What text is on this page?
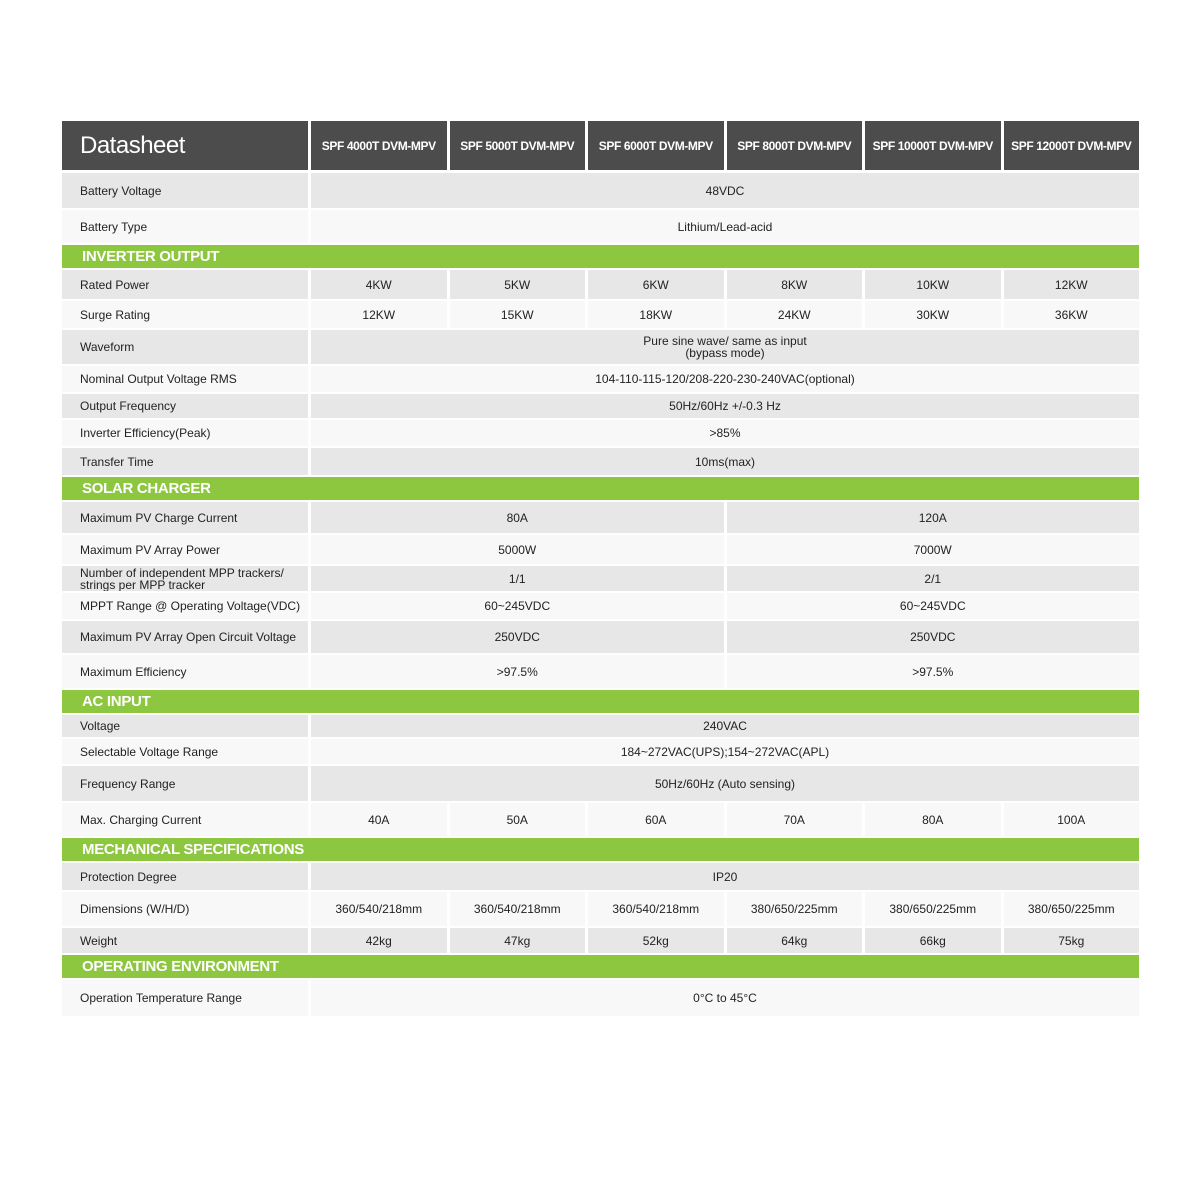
Datasheet	SPF 4000T DVM-MPV	SPF 5000T DVM-MPV	SPF 6000T DVM-MPV	SPF 8000T DVM-MPV	SPF 10000T DVM-MPV	SPF 12000T DVM-MPV
Battery Voltage	48VDC
Battery Type	Lithium/Lead-acid
INVERTER OUTPUT
Rated Power	4KW	5KW	6KW	8KW	10KW	12KW
Surge Rating	12KW	15KW	18KW	24KW	30KW	36KW
Waveform	Pure sine wave/ same as input
(bypass mode)
Nominal Output Voltage RMS	104-110-115-120/208-220-230-240VAC(optional)
Output Frequency	50Hz/60Hz +/-0.3 Hz
Inverter Efficiency(Peak)	>85%
Transfer Time	10ms(max)
SOLAR CHARGER
Maximum PV Charge Current	80A	120A
Maximum PV Array Power	5000W	7000W
Number of independent MPP trackers/
strings per MPP tracker	1/1	2/1
MPPT Range @ Operating Voltage(VDC)	60~245VDC	60~245VDC
Maximum PV Array Open Circuit Voltage	250VDC	250VDC
Maximum Efficiency	>97.5%	>97.5%
AC INPUT
Voltage	240VAC
Selectable Voltage Range	184~272VAC(UPS);154~272VAC(APL)
Frequency Range	50Hz/60Hz (Auto sensing)
Max. Charging Current	40A	50A	60A	70A	80A	100A
MECHANICAL SPECIFICATIONS
Protection Degree	IP20
Dimensions (W/H/D)	360/540/218mm	360/540/218mm	360/540/218mm	380/650/225mm	380/650/225mm	380/650/225mm
Weight	42kg	47kg	52kg	64kg	66kg	75kg
OPERATING ENVIRONMENT
Operation Temperature Range	0°C to 45°C
